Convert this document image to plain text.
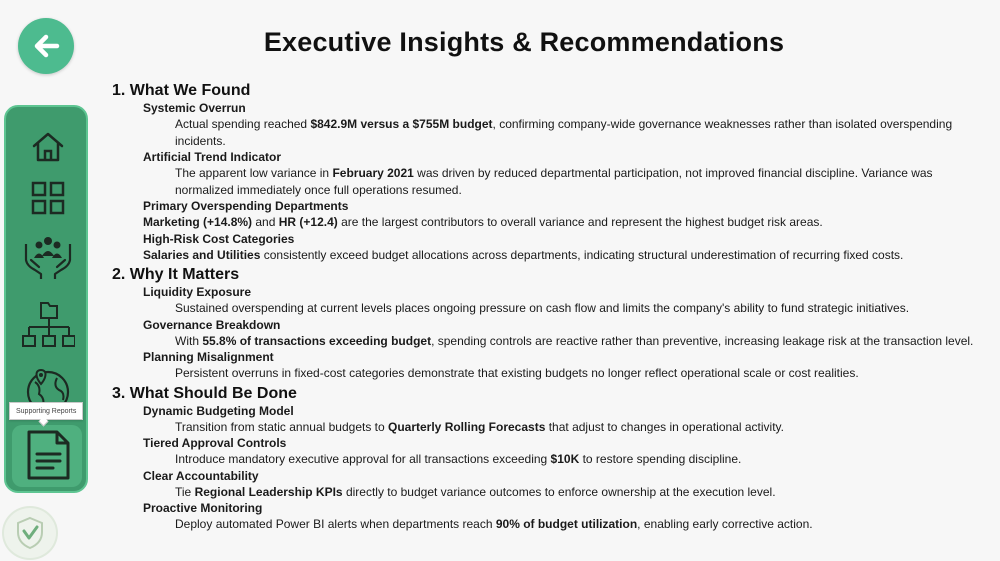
Supporting Reports
Executive Insights & Recommendations
1. What We Found
Systemic Overrun
Actual spending reached $842.9M versus a $755M budget, confirming company-wide governance weaknesses rather than isolated overspending incidents.
Artificial Trend Indicator
The apparent low variance in February 2021 was driven by reduced departmental participation, not improved financial discipline. Variance was normalized immediately once full operations resumed.
Primary Overspending Departments
Marketing (+14.8%) and HR (+12.4) are the largest contributors to overall variance and represent the highest budget risk areas.
High-Risk Cost Categories
Salaries and Utilities consistently exceed budget allocations across departments, indicating structural underestimation of recurring fixed costs.
2. Why It Matters
Liquidity Exposure
Sustained overspending at current levels places ongoing pressure on cash flow and limits the company's ability to fund strategic initiatives.
Governance Breakdown
With 55.8% of transactions exceeding budget, spending controls are reactive rather than preventive, increasing leakage risk at the transaction level.
Planning Misalignment
Persistent overruns in fixed-cost categories demonstrate that existing budgets no longer reflect operational scale or cost realities.
3. What Should Be Done
Dynamic Budgeting Model
Transition from static annual budgets to Quarterly Rolling Forecasts that adjust to changes in operational activity.
Tiered Approval Controls
Introduce mandatory executive approval for all transactions exceeding $10K to restore spending discipline.
Clear Accountability
Tie Regional Leadership KPIs directly to budget variance outcomes to enforce ownership at the execution level.
Proactive Monitoring
Deploy automated Power BI alerts when departments reach 90% of budget utilization, enabling early corrective action.
